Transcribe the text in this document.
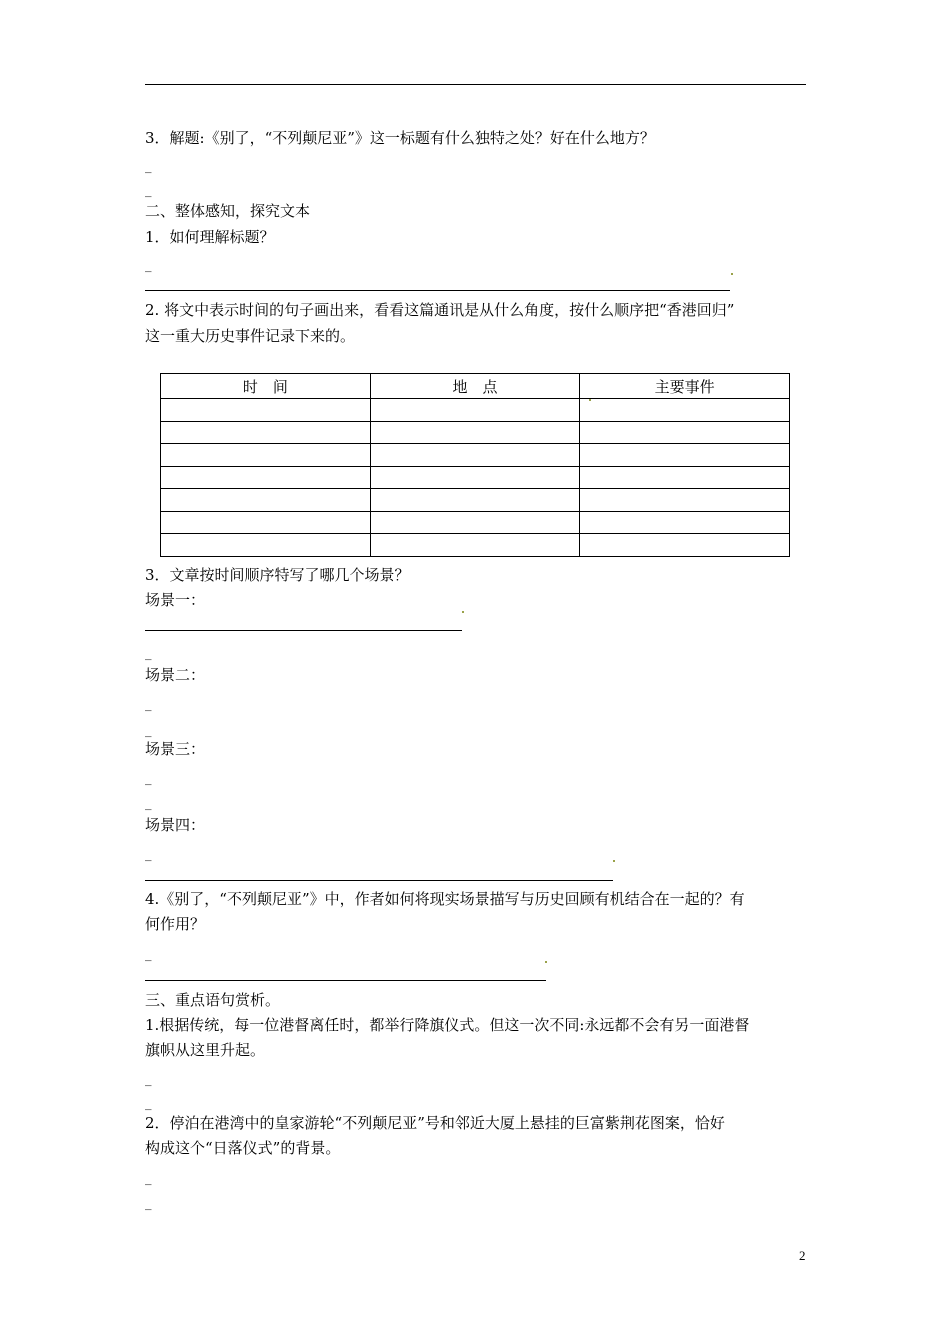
3．解题:《别了，“不列颠尼亚”》这一标题有什么独特之处？好在什么地方？
_
_
二、整体感知，探究文本
1．如何理解标题？
_
2. 将文中表示时间的句子画出来，看看这篇通讯是从什么角度，按什么顺序把“香港回归”
这一重大历史事件记录下来的。
时　间	地　点	主要事件

3．文章按时间顺序特写了哪几个场景？
场景一：
_
场景二：
_
_
场景三：
_
_
场景四：
_
4.《别了，“不列颠尼亚”》中，作者如何将现实场景描写与历史回顾有机结合在一起的？有
何作用？
_
三、重点语句赏析。
1.根据传统，每一位港督离任时，都举行降旗仪式。但这一次不同:永远都不会有另一面港督
旗帜从这里升起。
_
_
2．停泊在港湾中的皇家游轮“不列颠尼亚”号和邻近大厦上悬挂的巨富紫荆花图案，恰好
构成这个“日落仪式”的背景。
_
_
2
